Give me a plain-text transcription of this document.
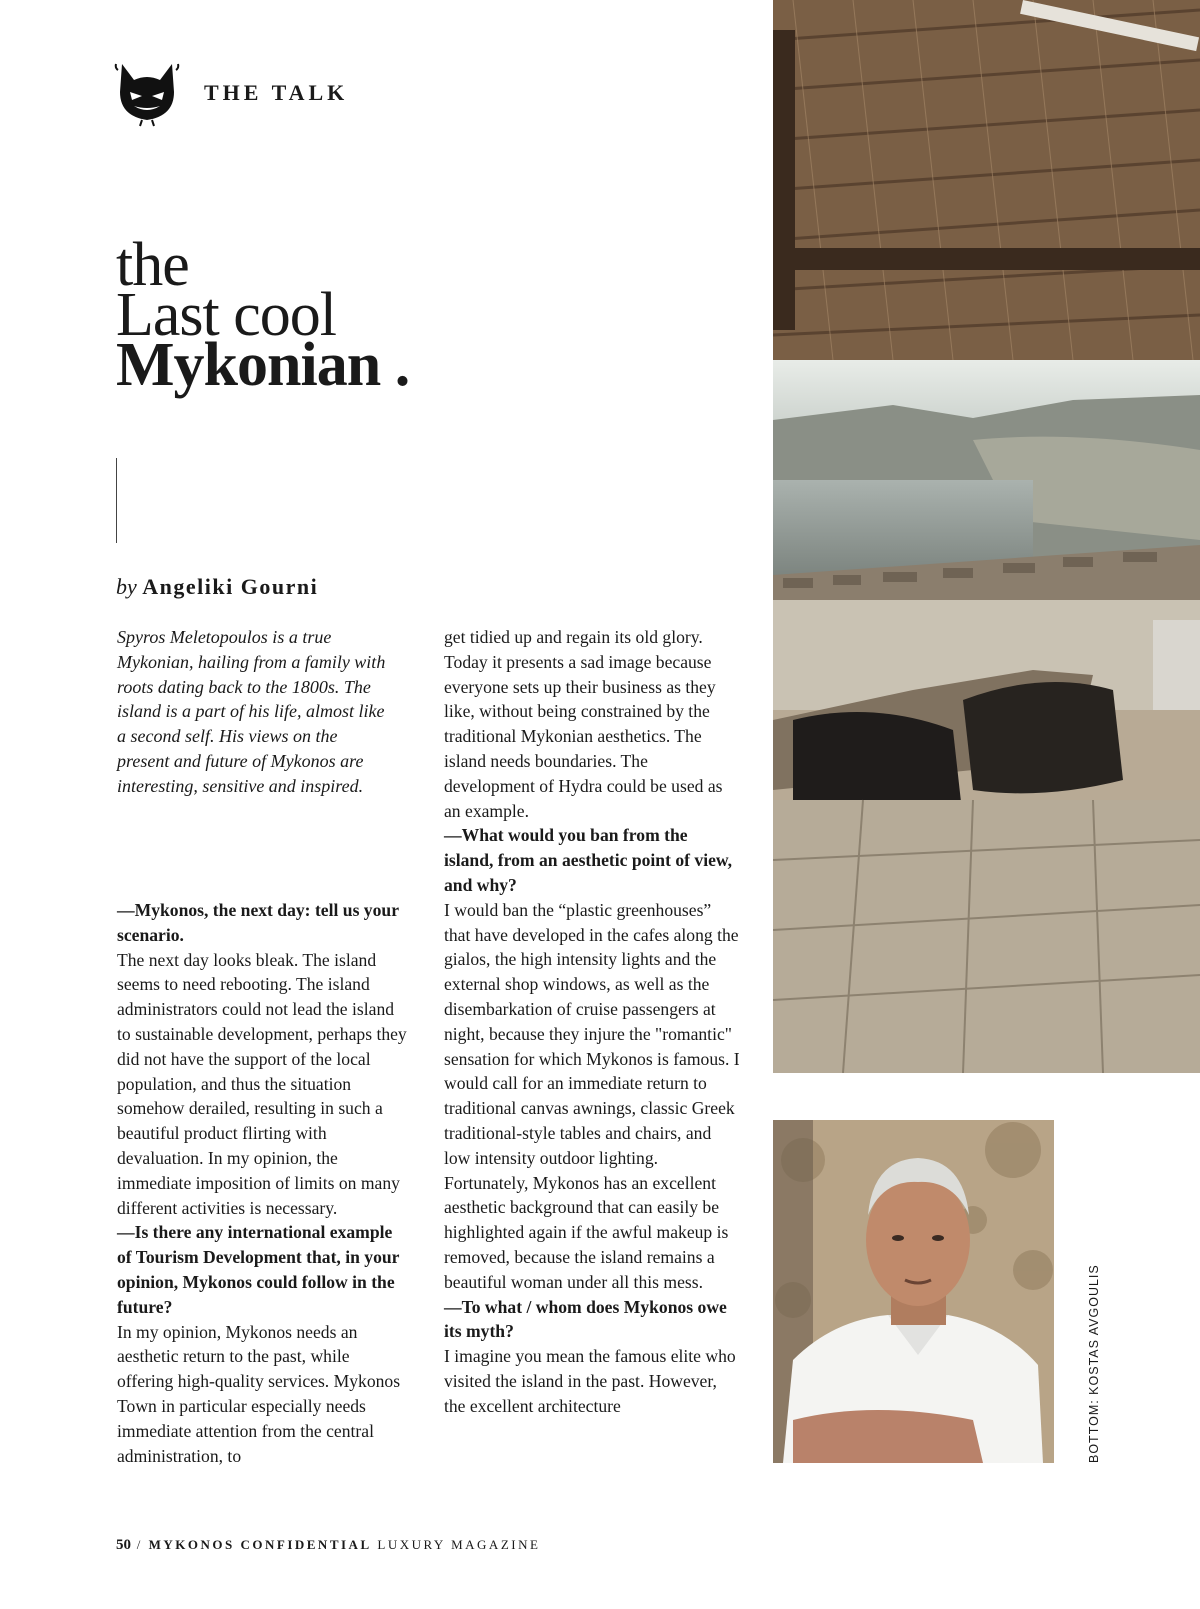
THE TALK
the
Last cool
Mykonian .
by Angeliki Gourni

Spyros Meletopoulos is a true Mykonian, hailing from a family with roots dating back to the 1800s. The island is a part of his life, almost like a second self. His views on the present and future of Mykonos are interesting, sensitive and inspired.

—Mykonos, the next day: tell us your scenario.

The next day looks bleak. The island seems to need rebooting. The island administrators could not lead the island to sustainable development, perhaps they did not have the support of the local population, and thus the situation somehow derailed, resulting in such a beautiful product flirting with devaluation. In my opinion, the immediate imposition of limits on many different activities is necessary.

—Is there any international example of Tourism Development that, in your opinion, Mykonos could follow in the future?

In my opinion, Mykonos needs an aesthetic return to the past, while offering high-quality services. Mykonos Town in particular especially needs immediate attention from the central administration, to

get tidied up and regain its old glory. Today it presents a sad image because everyone sets up their business as they like, without being constrained by the traditional Mykonian aesthetics. The island needs boundaries. The development of Hydra could be used as an example.

—What would you ban from the island, from an aesthetic point of view, and why?

I would ban the “plastic greenhouses” that have developed in the cafes along the gialos, the high intensity lights and the external shop windows, as well as the disembarkation of cruise passengers at night, because they injure the "romantic" sensation for which Mykonos is famous. I would call for an immediate return to traditional canvas awnings, classic Greek traditional-style tables and chairs, and low intensity outdoor lighting. Fortunately, Mykonos has an excellent aesthetic background that can easily be highlighted again if the awful makeup is removed, because the island remains a beautiful woman under all this mess.

—To what / whom does Mykonos owe its myth?

I imagine you mean the famous elite who visited the island in the past. However, the excellent architecture	BOTTOM: KOSTAS AVGOULIS
50 / MYKONOS CONFIDENTIAL LUXURY MAGAZINE
